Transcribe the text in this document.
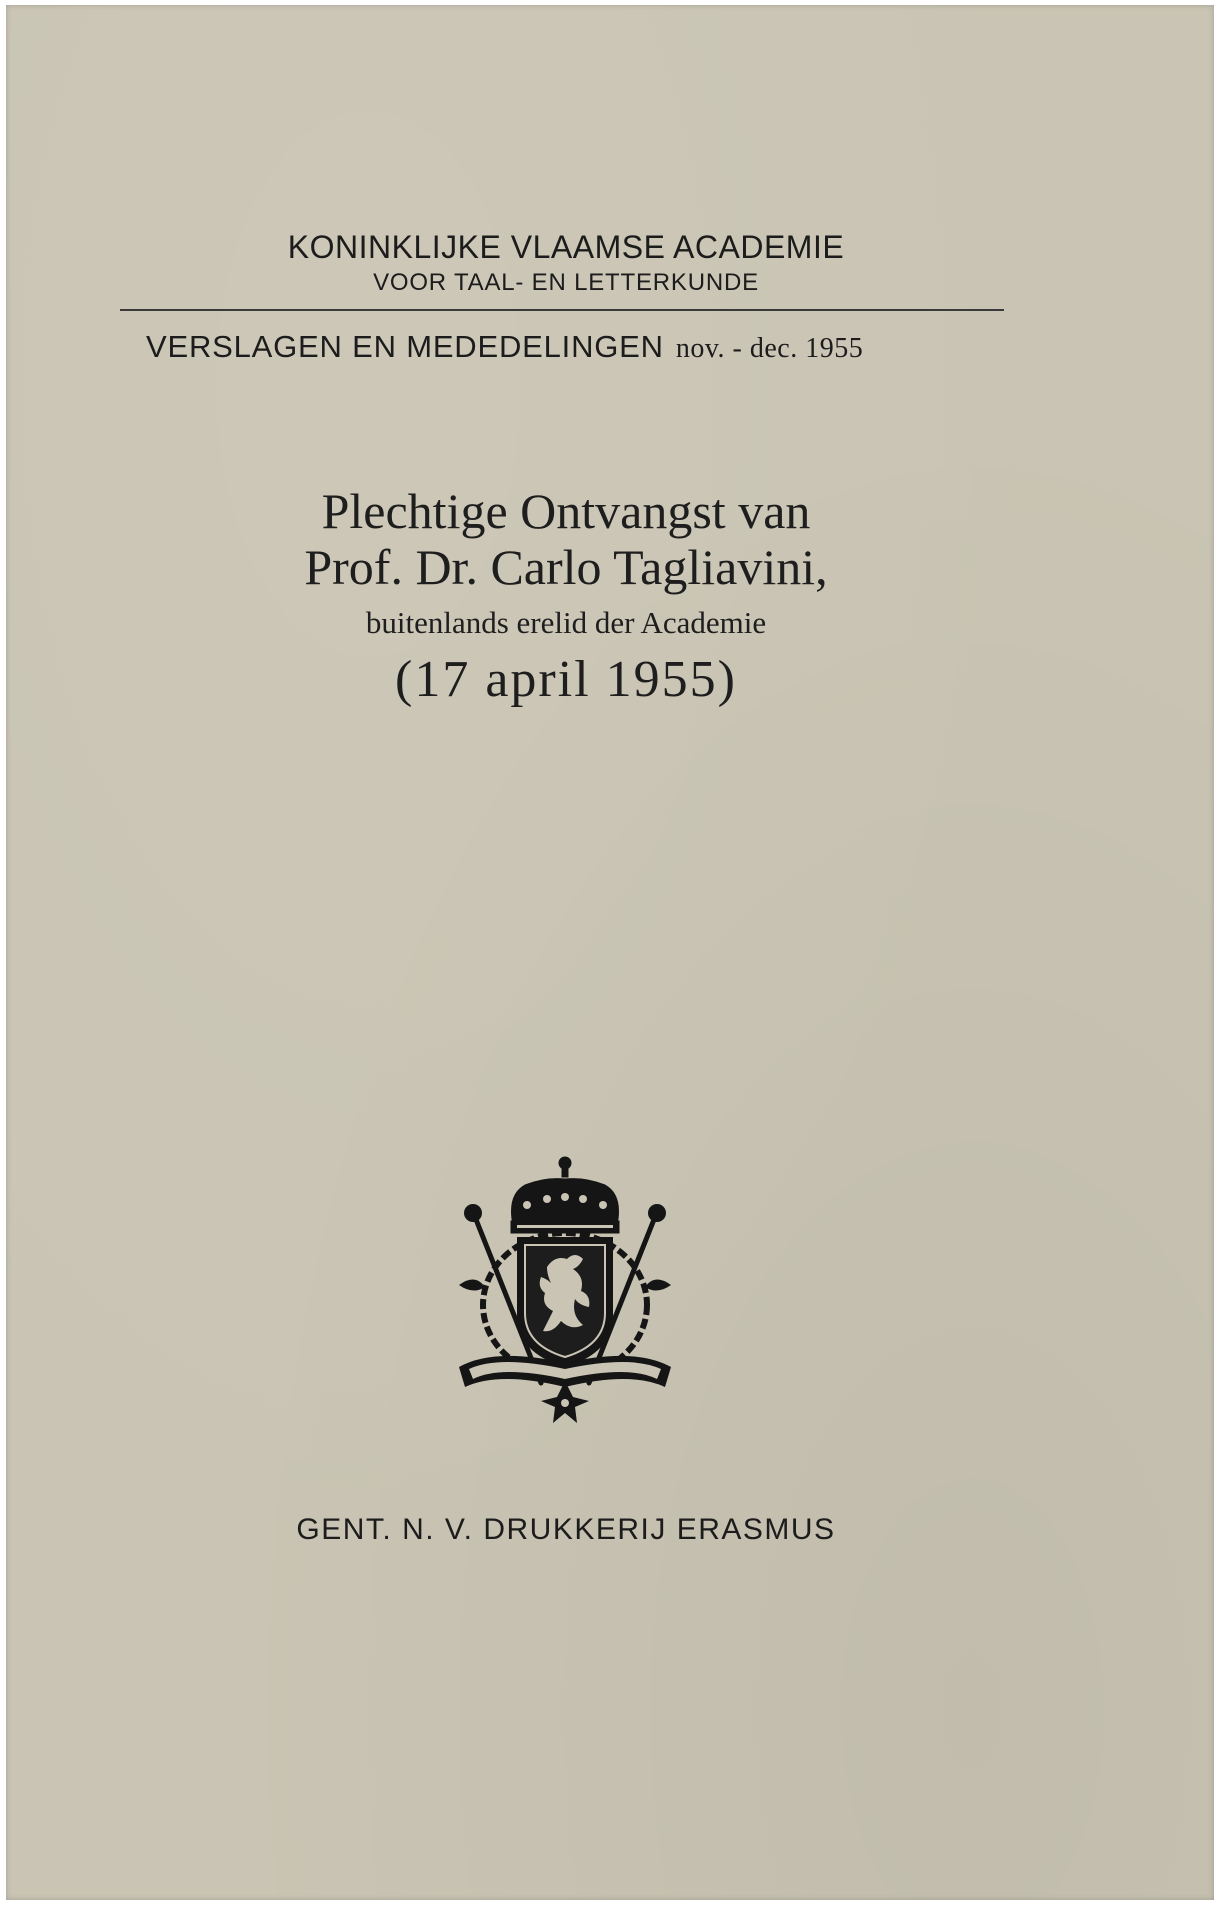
KONINKLIJKE VLAAMSE ACADEMIE
VOOR TAAL- EN LETTERKUNDE
VERSLAGEN EN MEDEDELINGEN nov. - dec. 1955
Plechtige Ontvangst van
Prof. Dr. Carlo Tagliavini,
buitenlands erelid der Academie
(17 april 1955)
GENT. N. V. DRUKKERIJ ERASMUS
